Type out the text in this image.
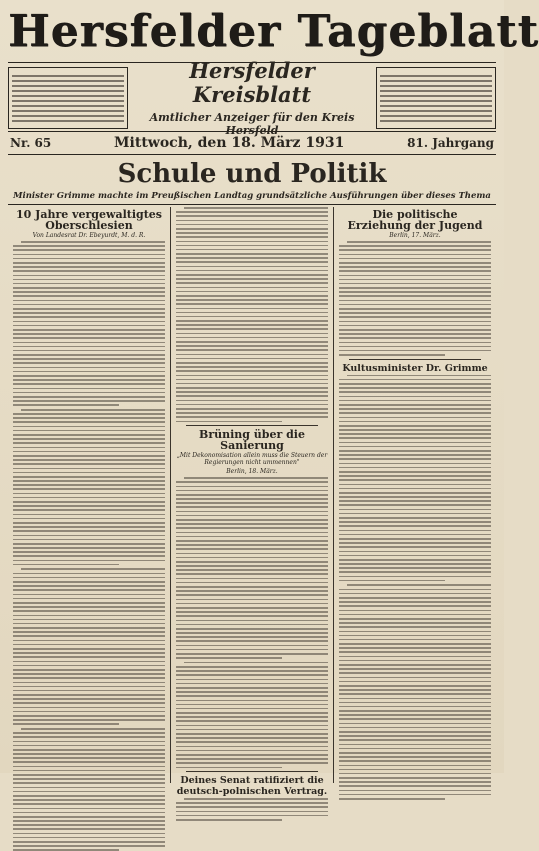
Hersfelder Tageblatt
Hersfelder Kreisblatt
Amtlicher Anzeiger für den Kreis Hersfeld
Nr. 65	Mittwoch, den 18. März 1931	81. Jahrgang
Schule und Politik
Minister Grimme machte im Preußischen Landtag grundsätzliche Ausführungen über dieses Thema
10 Jahre vergewaltigtes Oberschlesien
Von Landesrat Dr. Ebeyurdt, M. d. R.
Brüning über die Sanierung
„Mit Dekonomisation allein muss die Steuern der Regierungen nicht ummennen"
Berlin, 18. März.
Deines Senat ratifiziert die deutsch-polnischen Vertrag.
Die politische Erziehung der Jugend
Berlin, 17. März.
Kultusminister Dr. Grimme
